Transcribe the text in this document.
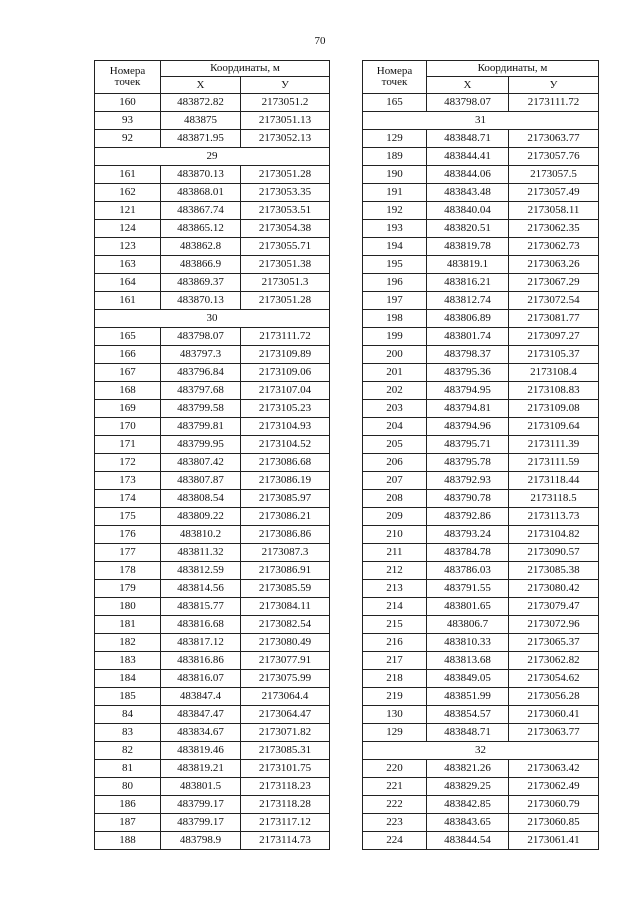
70
Номера
точек	Координаты, м	
	X	У
160	483872.82	2173051.2
93	483875	2173051.13
92	483871.95	2173052.13
29		
161	483870.13	2173051.28
162	483868.01	2173053.35
121	483867.74	2173053.51
124	483865.12	2173054.38
123	483862.8	2173055.71
163	483866.9	2173051.38
164	483869.37	2173051.3
161	483870.13	2173051.28
30		
165	483798.07	2173111.72
166	483797.3	2173109.89
167	483796.84	2173109.06
168	483797.68	2173107.04
169	483799.58	2173105.23
170	483799.81	2173104.93
171	483799.95	2173104.52
172	483807.42	2173086.68
173	483807.87	2173086.19
174	483808.54	2173085.97
175	483809.22	2173086.21
176	483810.2	2173086.86
177	483811.32	2173087.3
178	483812.59	2173086.91
179	483814.56	2173085.59
180	483815.77	2173084.11
181	483816.68	2173082.54
182	483817.12	2173080.49
183	483816.86	2173077.91
184	483816.07	2173075.99
185	483847.4	2173064.4
84	483847.47	2173064.47
83	483834.67	2173071.82
82	483819.46	2173085.31
81	483819.21	2173101.75
80	483801.5	2173118.23
186	483799.17	2173118.28
187	483799.17	2173117.12
188	483798.9	2173114.73
Номера
точек	Координаты, м	
	X	У
165	483798.07	2173111.72
31		
129	483848.71	2173063.77
189	483844.41	2173057.76
190	483844.06	2173057.5
191	483843.48	2173057.49
192	483840.04	2173058.11
193	483820.51	2173062.35
194	483819.78	2173062.73
195	483819.1	2173063.26
196	483816.21	2173067.29
197	483812.74	2173072.54
198	483806.89	2173081.77
199	483801.74	2173097.27
200	483798.37	2173105.37
201	483795.36	2173108.4
202	483794.95	2173108.83
203	483794.81	2173109.08
204	483794.96	2173109.64
205	483795.71	2173111.39
206	483795.78	2173111.59
207	483792.93	2173118.44
208	483790.78	2173118.5
209	483792.86	2173113.73
210	483793.24	2173104.82
211	483784.78	2173090.57
212	483786.03	2173085.38
213	483791.55	2173080.42
214	483801.65	2173079.47
215	483806.7	2173072.96
216	483810.33	2173065.37
217	483813.68	2173062.82
218	483849.05	2173054.62
219	483851.99	2173056.28
130	483854.57	2173060.41
129	483848.71	2173063.77
32		
220	483821.26	2173063.42
221	483829.25	2173062.49
222	483842.85	2173060.79
223	483843.65	2173060.85
224	483844.54	2173061.41
